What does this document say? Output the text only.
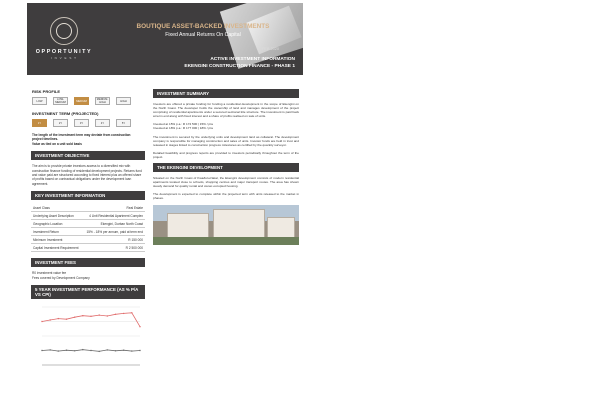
OPPORTUNITY
I N V E S T
BOUTIQUE ASSET-BACKED INVESTMENTS
Fixed Annual Returns On Capital
FEB 2020
ACTIVE INVESTMENT INFORMATION
EKENGINI CONSTRUCTION FINANCE - PHASE 1
RISK PROFILE
LOW	LOW-MEDIUM	MEDIUM	MEDIUM-HIGH	HIGH
INVESTMENT TERM (PROJECTED)
1Y	2Y	3Y	4Y	5Y
The length of the investment term may deviate from construction
project timelines.
Value as tied on a unit sold basis
INVESTMENT OBJECTIVE
The aim is to provide private investors access to a diversified mix with construction finance funding of residential development projects. Returns fund and value paid are structured according to fixed interest plus an offered share of profits based on contractual obligations under the development loan agreement.
KEY INVESTMENT INFORMATION
Asset Class	Real Estate
Underlying Asset Description	4 Unit Residential Apartment Complex
Geographic Location	Ekengini, Durban North Coast
Investment Return	15% - 18% per annum, paid at term end
Minimum Investment	R 150 000
Capital Investment Requirement	R 2 500 000
INVESTMENT FEES
R0 investment value fee
Fees covered by Development Company
5 YEAR INVESTMENT PERFORMANCE (AS % P/A VS CPI)
INVESTMENT SUMMARY

Investors are offered a private funding for funding a residential development in the scope of Ekengini on the North Coast. The developer holds the ownership of land and manages development of the project comprising of residential apartments under a secured sectional title structure. The investment is paid back at term end along with fixed interest and a share of profits realised on sale of units.

Invested at 15% p.a.: R 172 500 | 15% / p/a
Invested at 18% p.a.: R 177 000 | 18% / p/a

The investment is secured by the underlying units and development land as collateral. The development company is responsible for managing construction and sales of units. Investor funds are held in trust and released in stages linked to construction progress milestones as certified by the quantity surveyor.

Detailed feasibility and progress reports are provided to investors periodically throughout the term of the project.

THE EKENGINI DEVELOPMENT

Situated on the North Coast of KwaZulu-Natal, the Ekengini development consists of modern residential apartments located close to schools, shopping centres and major transport routes. The area has shown steady demand for quality rental and owner-occupied housing.

The development is expected to complete within the projected term with units released to the market in phases.
